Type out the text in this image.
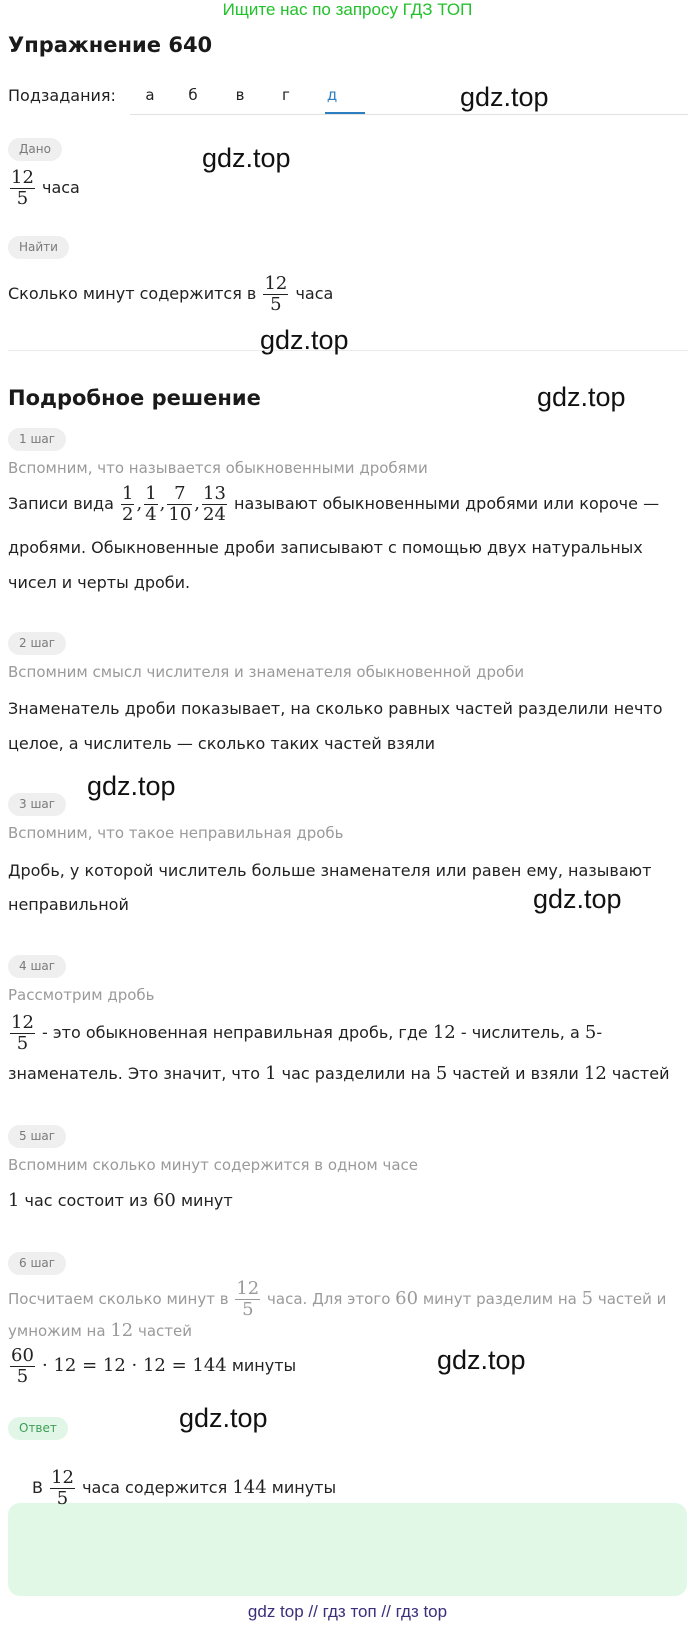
Ищите нас по запросу ГДЗ ТОП
Упражнение 640
Подзадания:	а	б	в	г	д
Дано
$\frac{12}{5}$ часа
Найти
Сколько минут содержится в $\frac{12}{5}$ часа
Подробное решение
1 шаг
Вспомним, что называется обыкновенными дробями
Записи вида $\frac{1}{2}$ , $\frac{1}{4}$ , $\frac{7}{10}$ , $\frac{13}{24}$ называют обыкновенными дробями или короче —
дробями. Обыкновенные дроби записывают с помощью двух натуральных
чисел и черты дроби.
2 шаг
Вспомним смысл числителя и знаменателя обыкновенной дроби
Знаменатель дроби показывает, на сколько равных частей разделили нечто
целое, а числитель — сколько таких частей взяли
3 шаг
Вспомним, что такое неправильная дробь
Дробь, у которой числитель больше знаменателя или равен ему, называют
неправильной
4 шаг
Рассмотрим дробь
$\frac{12}{5}$ - это обыкновенная неправильная дробь, где 12 - числитель, а 5-
знаменатель. Это значит, что 1 час разделили на 5 частей и взяли 12 частей
5 шаг
Вспомним сколько минут содержится в одном часе
1 час состоит из 60 минут
6 шаг
Посчитаем сколько минут в $\frac{12}{5}$ часа. Для этого 60 минут разделим на 5 частей и
умножим на 12 частей
$\frac{60}{5} \cdot 12 = 12 \cdot 12 = 144$ минуты
Ответ
В $\frac{12}{5}$ часа содержится 144 минуты
gdz.top
gdz.top
gdz.top
gdz.top
gdz.top
gdz.top
gdz.top
gdz.top
gdz top // гдз топ // гдз top
